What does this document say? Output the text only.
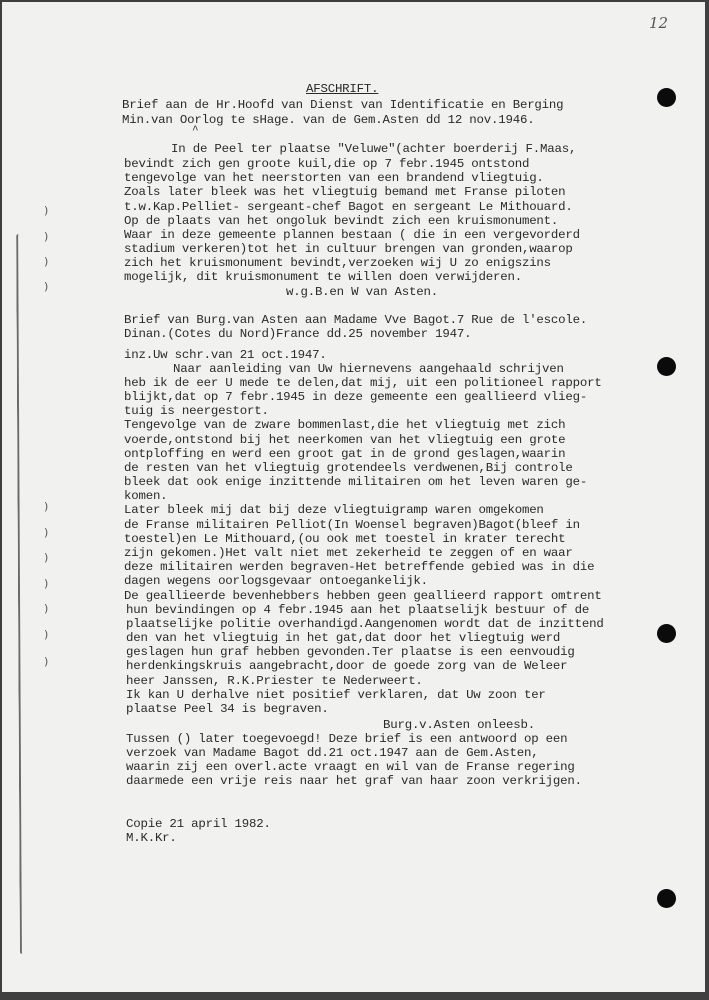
12
)
)
)
)
)
)
)
)
)
)
)

AFSCHRIFT.

Brief aan de Hr.Hoofd van Dienst van Identificatie en Berging

Min.van Oorlog te sHage. van de Gem.Asten dd 12 nov.1946.

^

In de Peel ter plaatse "Veluwe"(achter boerderij F.Maas,

bevindt zich gen groote kuil,die op 7 febr.1945 ontstond

tengevolge van het neerstorten van een brandend vliegtuig.

Zoals later bleek was het vliegtuig bemand met Franse piloten

t.w.Kap.Pelliet- sergeant-chef Bagot en sergeant Le Mithouard.

Op de plaats van het ongoluk bevindt zich een kruismonument.

Waar in deze gemeente plannen bestaan ( die in een vergevorderd

stadium verkeren)tot het in cultuur brengen van gronden,waarop

zich het kruismonument bevindt,verzoeken wij U zo enigszins

mogelijk, dit kruismonument te willen doen verwijderen.

w.g.B.en W van Asten.

Brief van Burg.van Asten aan Madame Vve Bagot.7 Rue de l'escole.

Dinan.(Cotes du Nord)France dd.25 november 1947.

inz.Uw schr.van 21 oct.1947.

Naar aanleiding van Uw hiernevens aangehaald schrijven

heb ik de eer U mede te delen,dat mij, uit een politioneel rapport

blijkt,dat op 7 febr.1945 in deze gemeente een geallieerd vlieg-

tuig is neergestort.

Tengevolge van de zware bommenlast,die het vliegtuig met zich

voerde,ontstond bij het neerkomen van het vliegtuig een grote

ontploffing en werd een groot gat in de grond geslagen,waarin

de resten van het vliegtuig grotendeels verdwenen,Bij controle

bleek dat ook enige inzittende militairen om het leven waren ge-

komen.

Later bleek mij dat bij deze vliegtuigramp waren omgekomen

de Franse militairen Pelliot(In Woensel begraven)Bagot(bleef in

toestel)en Le Mithouard,(ou ook met toestel in krater terecht

zijn gekomen.)Het valt niet met zekerheid te zeggen of en waar

deze militairen werden begraven-Het betreffende gebied was in die

dagen wegens oorlogsgevaar ontoegankelijk.

De geallieerde bevenhebbers hebben geen geallieerd rapport omtrent

hun bevindingen op 4 febr.1945 aan het plaatselijk bestuur of de

plaatselijke politie overhandigd.Aangenomen wordt dat de inzittend

den van het vliegtuig in het gat,dat door het vliegtuig werd

geslagen hun graf hebben gevonden.Ter plaatse is een eenvoudig

herdenkingskruis aangebracht,door de goede zorg van de Weleer

heer Janssen, R.K.Priester te Nederweert.

Ik kan U derhalve niet positief verklaren, dat Uw zoon ter

plaatse Peel 34 is begraven.

Burg.v.Asten onleesb.

Tussen () later toegevoegd! Deze brief is een antwoord op een

verzoek van Madame Bagot dd.21 oct.1947 aan de Gem.Asten,

waarin zij een overl.acte vraagt en wil van de Franse regering

daarmede een vrije reis naar het graf van haar zoon verkrijgen.

Copie 21 april 1982.

M.K.Kr.
